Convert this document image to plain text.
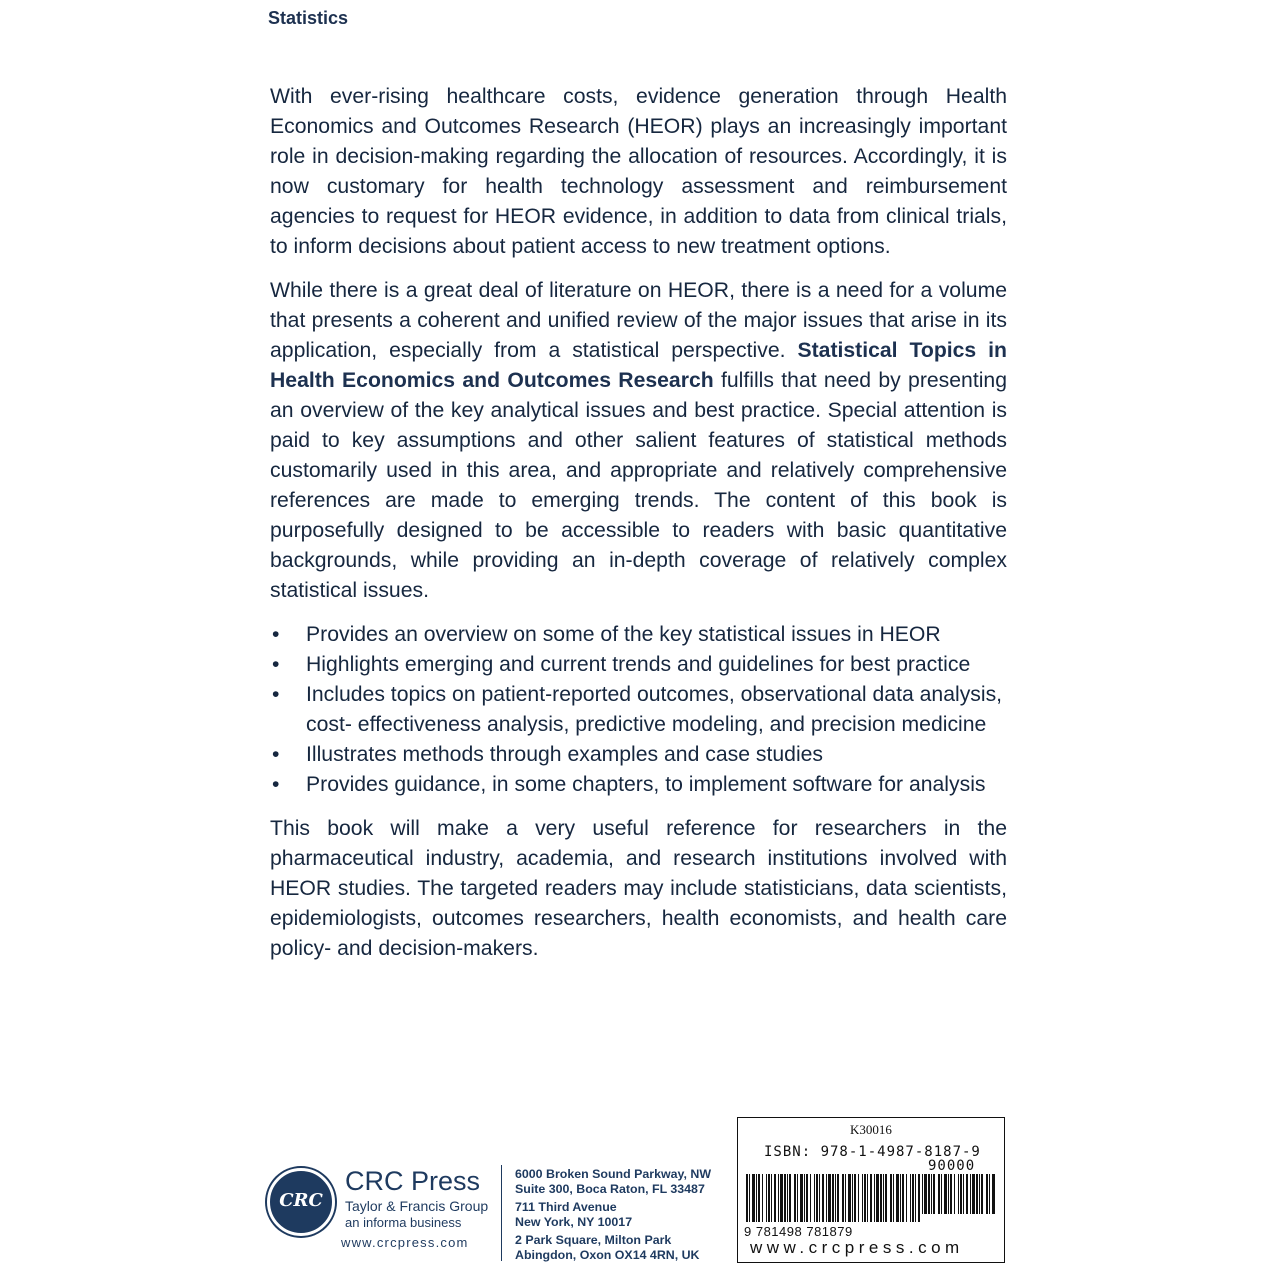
Statistics

With ever-rising healthcare costs, evidence generation through Health Economics and Outcomes Research (HEOR) plays an increasingly important role in decision-making regarding the allocation of resources. Accordingly, it is now customary for health technology assessment and reimbursement agencies to request for HEOR evidence, in addition to data from clinical trials, to inform decisions about patient access to new treatment options.

While there is a great deal of literature on HEOR, there is a need for a volume that presents a coherent and unified review of the major issues that arise in its application, especially from a statistical perspective. Statistical Topics in Health Economics and Outcomes Research fulfills that need by presenting an overview of the key analytical issues and best practice. Special attention is paid to key assumptions and other salient features of statistical methods customarily used in this area, and appropriate and relatively comprehensive references are made to emerging trends. The content of this book is purposefully designed to be accessible to readers with basic quantitative backgrounds, while providing an in-depth coverage of relatively complex statistical issues.

• Provides an overview on some of the key statistical issues in HEOR
• Highlights emerging and current trends and guidelines for best practice
• Includes topics on patient-reported outcomes, observational data analysis, cost- effectiveness analysis, predictive modeling, and precision medicine
• Illustrates methods through examples and case studies
• Provides guidance, in some chapters, to implement software for analysis

This book will make a very useful reference for researchers in the pharmaceutical industry, academia, and research institutions involved with HEOR studies. The targeted readers may include statisticians, data scientists, epidemiologists, outcomes researchers, health economists, and health care policy- and decision-makers.

CRC
CRC Press
Taylor & Francis Group
an informa business
www.crcpress.com
6000 Broken Sound Parkway, NW
Suite 300, Boca Raton, FL 33487
711 Third Avenue
New York, NY 10017
2 Park Square, Milton Park
Abingdon, Oxon OX14 4RN, UK
K30016
ISBN: 978-1-4987-8187-9
90000
9 781498 781879
www.crcpress.com
